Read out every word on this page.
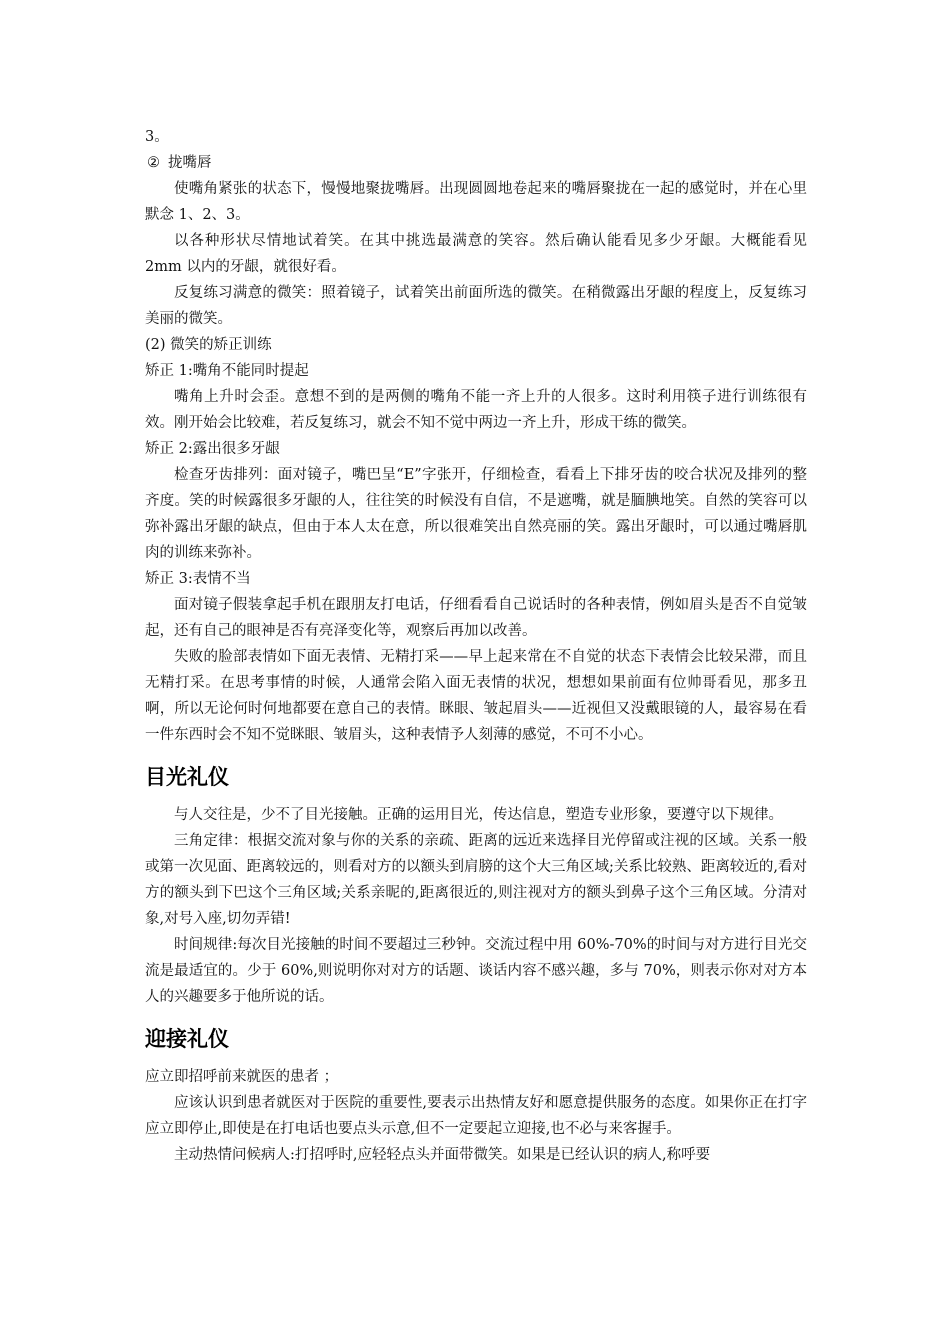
3。

② 拢嘴唇

使嘴角紧张的状态下，慢慢地聚拢嘴唇。出现圆圆地卷起来的嘴唇聚拢在一起的感觉时，并在心里默念 1、2、3。

以各种形状尽情地试着笑。在其中挑选最满意的笑容。然后确认能看见多少牙龈。大概能看见 2mm 以内的牙龈，就很好看。

反复练习满意的微笑：照着镜子，试着笑出前面所选的微笑。在稍微露出牙龈的程度上，反复练习美丽的微笑。

(2) 微笑的矫正训练

矫正 1:嘴角不能同时提起

嘴角上升时会歪。意想不到的是两侧的嘴角不能一齐上升的人很多。这时利用筷子进行训练很有效。刚开始会比较难，若反复练习，就会不知不觉中两边一齐上升，形成干练的微笑。

矫正 2:露出很多牙龈

检查牙齿排列：面对镜子，嘴巴呈“E”字张开，仔细检查，看看上下排牙齿的咬合状况及排列的整齐度。笑的时候露很多牙龈的人，往往笑的时候没有自信，不是遮嘴，就是腼腆地笑。自然的笑容可以弥补露出牙龈的缺点，但由于本人太在意，所以很难笑出自然亮丽的笑。露出牙龈时，可以通过嘴唇肌肉的训练来弥补。

矫正 3:表情不当

面对镜子假装拿起手机在跟朋友打电话，仔细看看自己说话时的各种表情，例如眉头是否不自觉皱起，还有自己的眼神是否有亮泽变化等，观察后再加以改善。

失败的脸部表情如下面无表情、无精打采——早上起来常在不自觉的状态下表情会比较呆滞，而且无精打采。在思考事情的时候，人通常会陷入面无表情的状况，想想如果前面有位帅哥看见，那多丑啊，所以无论何时何地都要在意自己的表情。眯眼、皱起眉头——近视但又没戴眼镜的人，最容易在看一件东西时会不知不觉眯眼、皱眉头，这种表情予人刻薄的感觉，不可不小心。

目光礼仪

与人交往是，少不了目光接触。正确的运用目光，传达信息，塑造专业形象，要遵守以下规律。

三角定律：根据交流对象与你的关系的亲疏、距离的远近来选择目光停留或注视的区域。关系一般或第一次见面、距离较远的，则看对方的以额头到肩膀的这个大三角区域;关系比较熟、距离较近的,看对方的额头到下巴这个三角区域;关系亲昵的,距离很近的,则注视对方的额头到鼻子这个三角区域。分清对象,对号入座,切勿弄错!

时间规律:每次目光接触的时间不要超过三秒钟。交流过程中用 60%-70%的时间与对方进行目光交流是最适宜的。少于 60%,则说明你对对方的话题、谈话内容不感兴趣，多与 70%，则表示你对对方本人的兴趣要多于他所说的话。

迎接礼仪

应立即招呼前来就医的患者 ；

应该认识到患者就医对于医院的重要性,要表示出热情友好和愿意提供服务的态度。如果你正在打字应立即停止,即使是在打电话也要点头示意,但不一定要起立迎接,也不必与来客握手。

主动热情问候病人:打招呼时,应轻轻点头并面带微笑。如果是已经认识的病人,称呼要
